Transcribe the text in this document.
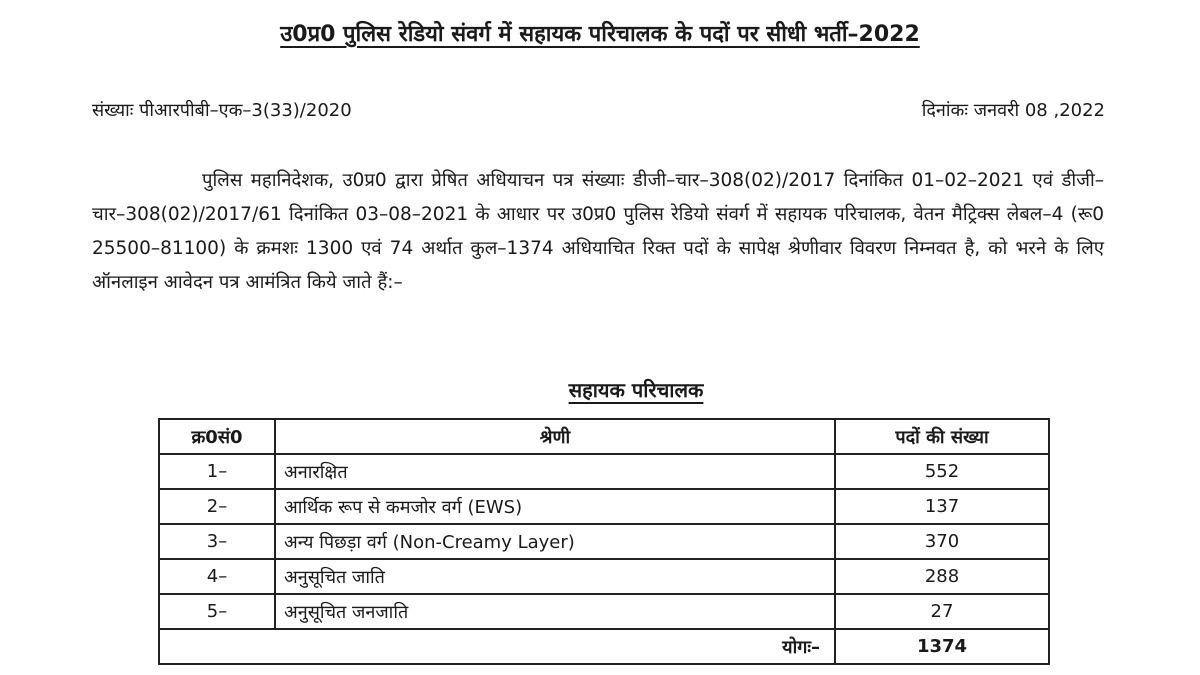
उ0प्र0 पुलिस रेडियो संवर्ग में सहायक परिचालक के पदों पर सीधी भर्ती–2022
संख्याः पीआरपीबी–एक–3(33)/2020	दिनांकः जनवरी 08 ,2022

पुलिस महानिदेशक, उ0प्र0 द्वारा प्रेषित अधियाचन पत्र संख्याः डीजी–चार–308(02)/2017 दिनांकित 01–02–2021 एवं डीजी–चार–308(02)/2017/61 दिनांकित 03–08–2021 के आधार पर उ0प्र0 पुलिस रेडियो संवर्ग में सहायक परिचालक, वेतन मैट्रिक्स लेबल–4 (रू0 25500–81100) के क्रमशः 1300 एवं 74 अर्थात कुल–1374 अधियाचित रिक्त पदों के सापेक्ष श्रेणीवार विवरण निम्नवत है, को भरने के लिए ऑनलाइन आवेदन पत्र आमंत्रित किये जाते हैं:–

सहायक परिचालक
क्र0सं0	श्रेणी	पदों की संख्या
1–	अनारक्षित	552
2–	आर्थिक रूप से कमजोर वर्ग (EWS)	137
3–	अन्य पिछड़ा वर्ग (Non-Creamy Layer)	370
4–	अनुसूचित जाति	288
5–	अनुसूचित जनजाति	27
योगः–		1374
